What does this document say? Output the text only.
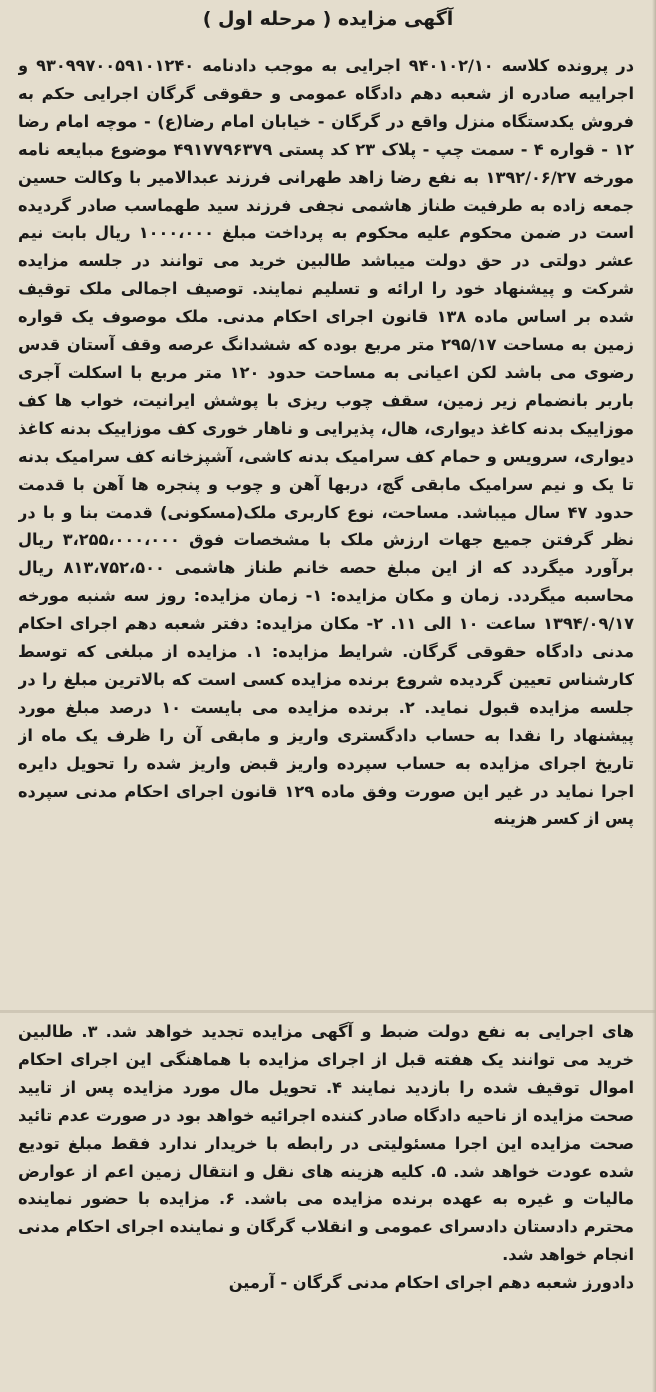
آگهی مزایده ( مرحله اول )
در پرونده کلاسه ۹۴۰۱۰۲/۱۰ اجرایی به موجب دادنامه ۹۳۰۹۹۷۰۰۵۹۱۰۱۲۴۰ و اجراییه صادره از شعبه دهم دادگاه عمومی و حقوقی گرگان اجرایی حکم به فروش یکدستگاه منزل واقع در گرگان - خیابان امام رضا(ع) - موچه امام رضا ۱۲ - قواره ۴ - سمت چپ - پلاک ۲۳ کد پستی ۴۹۱۷۷۹۶۳۷۹ موضوع مبایعه نامه مورخه ۱۳۹۲/۰۶/۲۷ به نفع رضا زاهد طهرانی فرزند عبدالامیر با وکالت حسین جمعه زاده به طرفیت طناز هاشمی نجفی فرزند سید طهماسب صادر گردیده است در ضمن محکوم علیه محکوم به پرداخت مبلغ ۱۰۰۰،۰۰۰ ریال بابت نیم عشر دولتی در حق دولت میباشد طالبین خرید می توانند در جلسه مزایده شرکت و پیشنهاد خود را ارائه و تسلیم نمایند. توصیف اجمالی ملک توقیف شده بر اساس ماده ۱۳۸ قانون اجرای احکام مدنی. ملک موصوف یک قواره زمین به مساحت ۲۹۵/۱۷ متر مربع بوده که ششدانگ عرصه وقف آستان قدس رضوی می باشد لکن اعیانی به مساحت حدود ۱۲۰ متر مربع با اسکلت آجری باربر بانضمام زیر زمین، سقف چوب ریزی با پوشش ایرانیت، خواب ها کف موزاییک بدنه کاغذ دیواری، هال، پذیرایی و ناهار خوری کف موزاییک بدنه کاغذ دیواری، سرویس و حمام کف سرامیک بدنه کاشی، آشپزخانه کف سرامیک بدنه تا یک و نیم سرامیک مابقی گچ، دربها آهن و چوب و پنجره ها آهن با قدمت حدود ۴۷ سال میباشد. مساحت، نوع کاربری ملک(مسکونی) قدمت بنا و با در نظر گرفتن جمیع جهات ارزش ملک با مشخصات فوق ۳،۲۵۵،۰۰۰،۰۰۰ ریال برآورد میگردد که از این مبلغ حصه خانم طناز هاشمی ۸۱۳،۷۵۲،۵۰۰ ریال محاسبه میگردد. زمان و مکان مزایده: ۱- زمان مزایده: روز سه شنبه مورخه ۱۳۹۴/۰۹/۱۷ ساعت ۱۰ الی ۱۱. ۲- مکان مزایده: دفتر شعبه دهم اجرای احکام مدنی دادگاه حقوقی گرگان. شرایط مزایده: ۱. مزایده از مبلغی که توسط کارشناس تعیین گردیده شروع برنده مزایده کسی است که بالاترین مبلغ را در جلسه مزایده قبول نماید. ۲. برنده مزایده می بایست ۱۰ درصد مبلغ مورد پیشنهاد را نقدا به حساب دادگستری واریز و مابقی آن را ظرف یک ماه از تاریخ اجرای مزایده به حساب سپرده واریز قبض واریز شده را تحویل دایره اجرا نماید در غیر این صورت وفق ماده ۱۲۹ قانون اجرای احکام مدنی سپرده پس از کسر هزینه
های اجرایی به نفع دولت ضبط و آگهی مزایده تجدید خواهد شد. ۳. طالبین خرید می توانند یک هفته قبل از اجرای مزایده با هماهنگی این اجرای احکام اموال توقیف شده را بازدید نمایند ۴. تحویل مال مورد مزایده پس از تایید صحت مزایده از ناحیه دادگاه صادر کننده اجرائیه خواهد بود در صورت عدم تائید صحت مزایده این اجرا مسئولیتی در رابطه با خریدار ندارد فقط مبلغ تودیع شده عودت خواهد شد. ۵. کلیه هزینه های نقل و انتقال زمین اعم از عوارض مالیات و غیره به عهده برنده مزایده می باشد. ۶. مزایده با حضور نماینده محترم دادستان دادسرای عمومی و انقلاب گرگان و نماینده اجرای احکام مدنی انجام خواهد شد.
دادورز شعبه دهم اجرای احکام مدنی گرگان - آرمین
